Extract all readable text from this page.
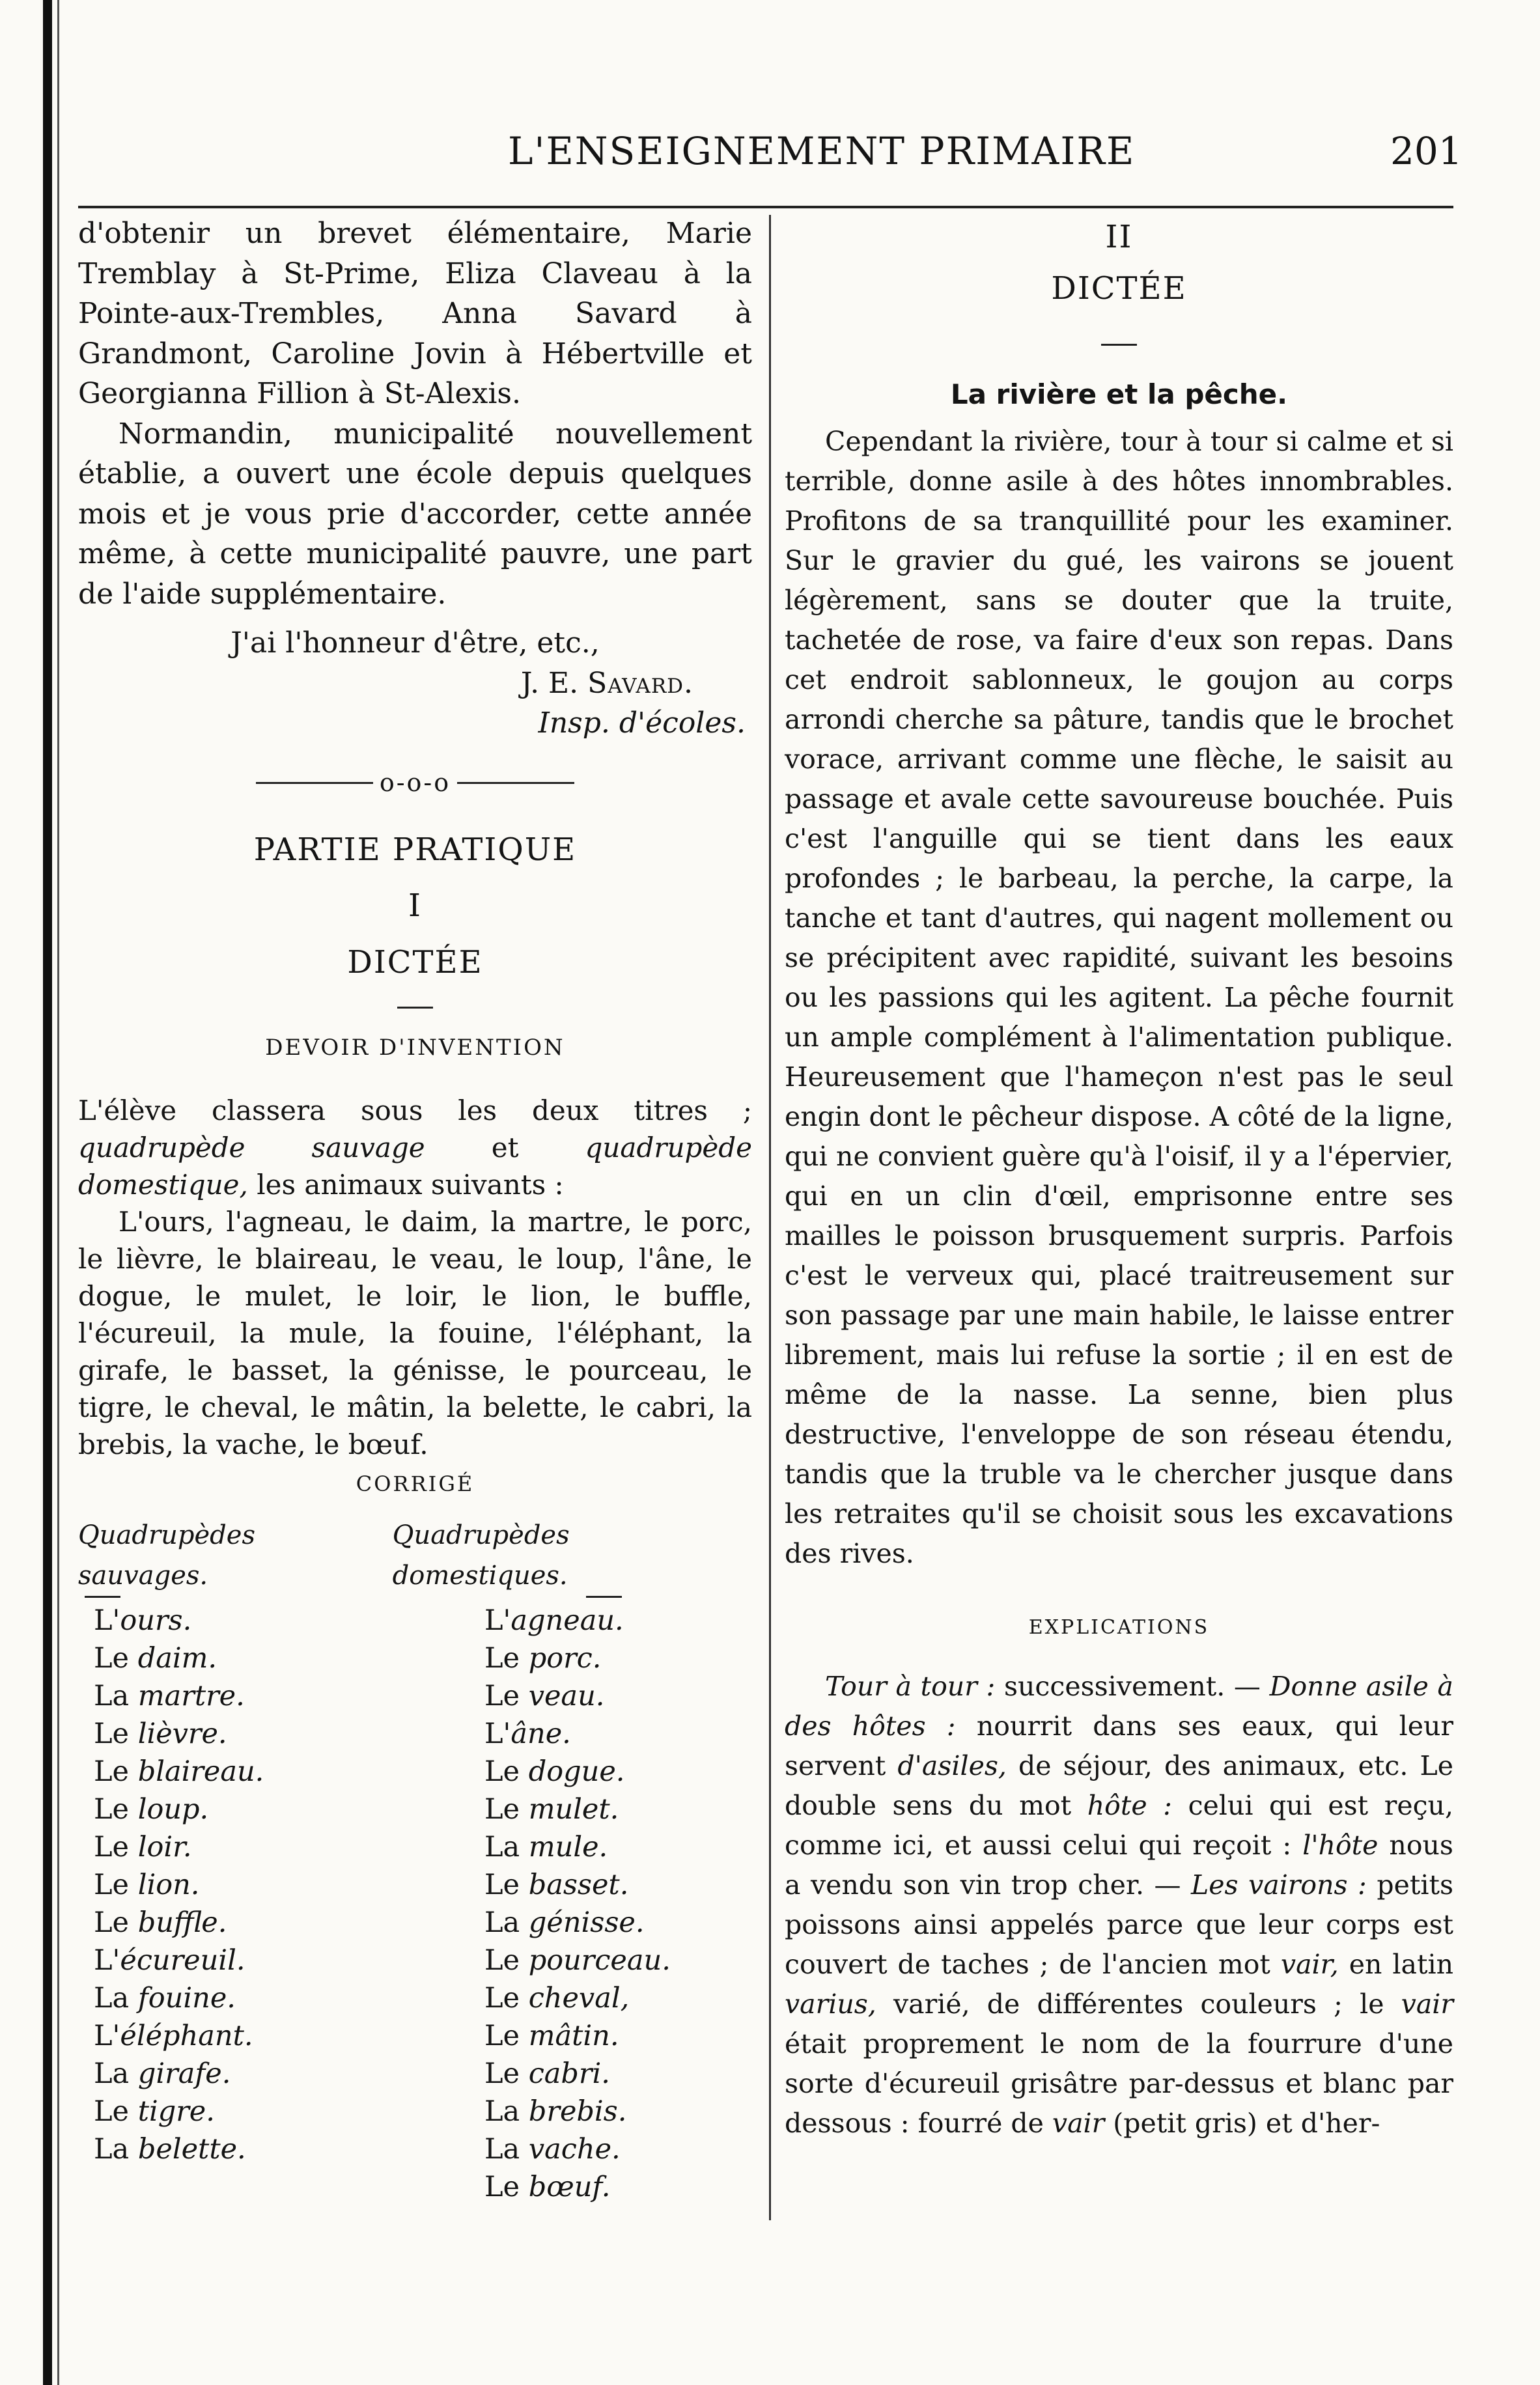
L'ENSEIGNEMENT PRIMAIRE	201

d'obtenir un brevet élémentaire, Marie Tremblay à St-Prime, Eliza Claveau à la Pointe-aux-Trembles, Anna Savard à Grandmont, Caroline Jovin à Hébertville et Georgianna Fillion à St-Alexis.

Normandin, municipalité nouvellement établie, a ouvert une école depuis quelques mois et je vous prie d'accorder, cette année même, à cette municipalité pauvre, une part de l'aide supplémentaire.

J'ai l'honneur d'être, etc.,

J. E. Savard.

Insp. d'écoles.

o-o-o
PARTIE PRATIQUE
I
DICTÉE
DEVOIR D'INVENTION

L'élève classera sous les deux titres ; quadrupède sauvage et quadrupède domestique, les animaux suivants :

L'ours, l'agneau, le daim, la martre, le porc, le lièvre, le blaireau, le veau, le loup, l'âne, le dogue, le mulet, le loir, le lion, le buffle, l'écureuil, la mule, la fouine, l'éléphant, la girafe, le basset, la génisse, le pourceau, le tigre, le cheval, le mâtin, la belette, le cabri, la brebis, la vache, le bœuf.

CORRIGÉ
Quadrupèdes sauvages.
Quadrupèdes domestiques.
L'ours.
Le daim.
La martre.
Le lièvre.
Le blaireau.
Le loup.
Le loir.
Le lion.
Le buffle.
L'écureuil.
La fouine.
L'éléphant.
La girafe.
Le tigre.
La belette.
L'agneau.
Le porc.
Le veau.
L'âne.
Le dogue.
Le mulet.
La mule.
Le basset.
La génisse.
Le pourceau.
Le cheval,
Le mâtin.
Le cabri.
La brebis.
La vache.
Le bœuf.
II
DICTÉE
La rivière et la pêche.

Cependant la rivière, tour à tour si calme et si terrible, donne asile à des hôtes innombrables. Profitons de sa tranquillité pour les examiner. Sur le gravier du gué, les vairons se jouent légèrement, sans se douter que la truite, tachetée de rose, va faire d'eux son repas. Dans cet endroit sablonneux, le goujon au corps arrondi cherche sa pâture, tandis que le brochet vorace, arrivant comme une flèche, le saisit au passage et avale cette savoureuse bouchée. Puis c'est l'anguille qui se tient dans les eaux profondes ; le barbeau, la perche, la carpe, la tanche et tant d'autres, qui nagent mollement ou se précipitent avec rapidité, suivant les besoins ou les passions qui les agitent. La pêche fournit un ample complément à l'alimentation publique. Heureusement que l'hameçon n'est pas le seul engin dont le pêcheur dispose. A côté de la ligne, qui ne convient guère qu'à l'oisif, il y a l'épervier, qui en un clin d'œil, emprisonne entre ses mailles le poisson brusquement surpris. Parfois c'est le verveux qui, placé traitreusement sur son passage par une main habile, le laisse entrer librement, mais lui refuse la sortie ; il en est de même de la nasse. La senne, bien plus destructive, l'enveloppe de son réseau étendu, tandis que la truble va le chercher jusque dans les retraites qu'il se choisit sous les excavations des rives.

EXPLICATIONS

Tour à tour : successivement. — Donne asile à des hôtes : nourrit dans ses eaux, qui leur servent d'asiles, de séjour, des animaux, etc. Le double sens du mot hôte : celui qui est reçu, comme ici, et aussi celui qui reçoit : l'hôte nous a vendu son vin trop cher. — Les vairons : petits poissons ainsi appelés parce que leur corps est couvert de taches ; de l'ancien mot vair, en latin varius, varié, de différentes couleurs ; le vair était proprement le nom de la fourrure d'une sorte d'écureuil grisâtre par-dessus et blanc par dessous : fourré de vair (petit gris) et d'her-
